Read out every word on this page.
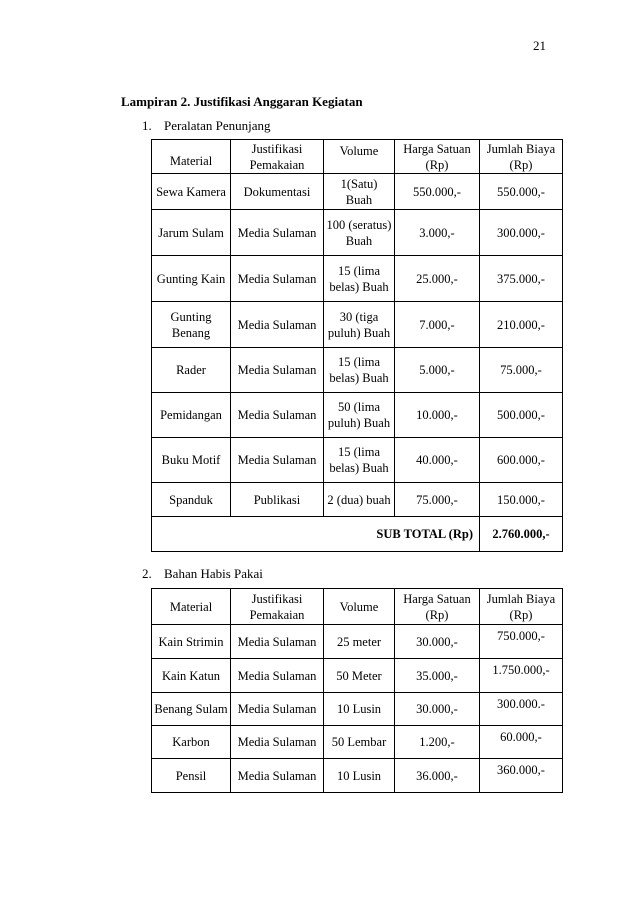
21
Lampiran 2. Justifikasi Anggaran Kegiatan
1. Peralatan Penunjang
Material	Justifikasi Pemakaian	Volume	Harga Satuan (Rp)	Jumlah Biaya (Rp)
Sewa Kamera	Dokumentasi	1(Satu) Buah	550.000,-	550.000,-
Jarum Sulam	Media Sulaman	100 (seratus) Buah	3.000,-	300.000,-
Gunting Kain	Media Sulaman	15 (lima belas) Buah	25.000,-	375.000,-
Gunting Benang	Media Sulaman	30 (tiga puluh) Buah	7.000,-	210.000,-
Rader	Media Sulaman	15 (lima belas) Buah	5.000,-	75.000,-
Pemidangan	Media Sulaman	50 (lima puluh) Buah	10.000,-	500.000,-
Buku Motif	Media Sulaman	15 (lima belas) Buah	40.000,-	600.000,-
Spanduk	Publikasi	2 (dua) buah	75.000,-	150.000,-
SUB TOTAL (Rp)				2.760.000,-
2. Bahan Habis Pakai
Material	Justifikasi Pemakaian	Volume	Harga Satuan (Rp)	Jumlah Biaya (Rp)
Kain Strimin	Media Sulaman	25 meter	30.000,-	750.000,-
Kain Katun	Media Sulaman	50 Meter	35.000,-	1.750.000,-
Benang Sulam	Media Sulaman	10 Lusin	30.000,-	300.000.-
Karbon	Media Sulaman	50 Lembar	1.200,-	60.000,-
Pensil	Media Sulaman	10 Lusin	36.000,-	360.000,-
